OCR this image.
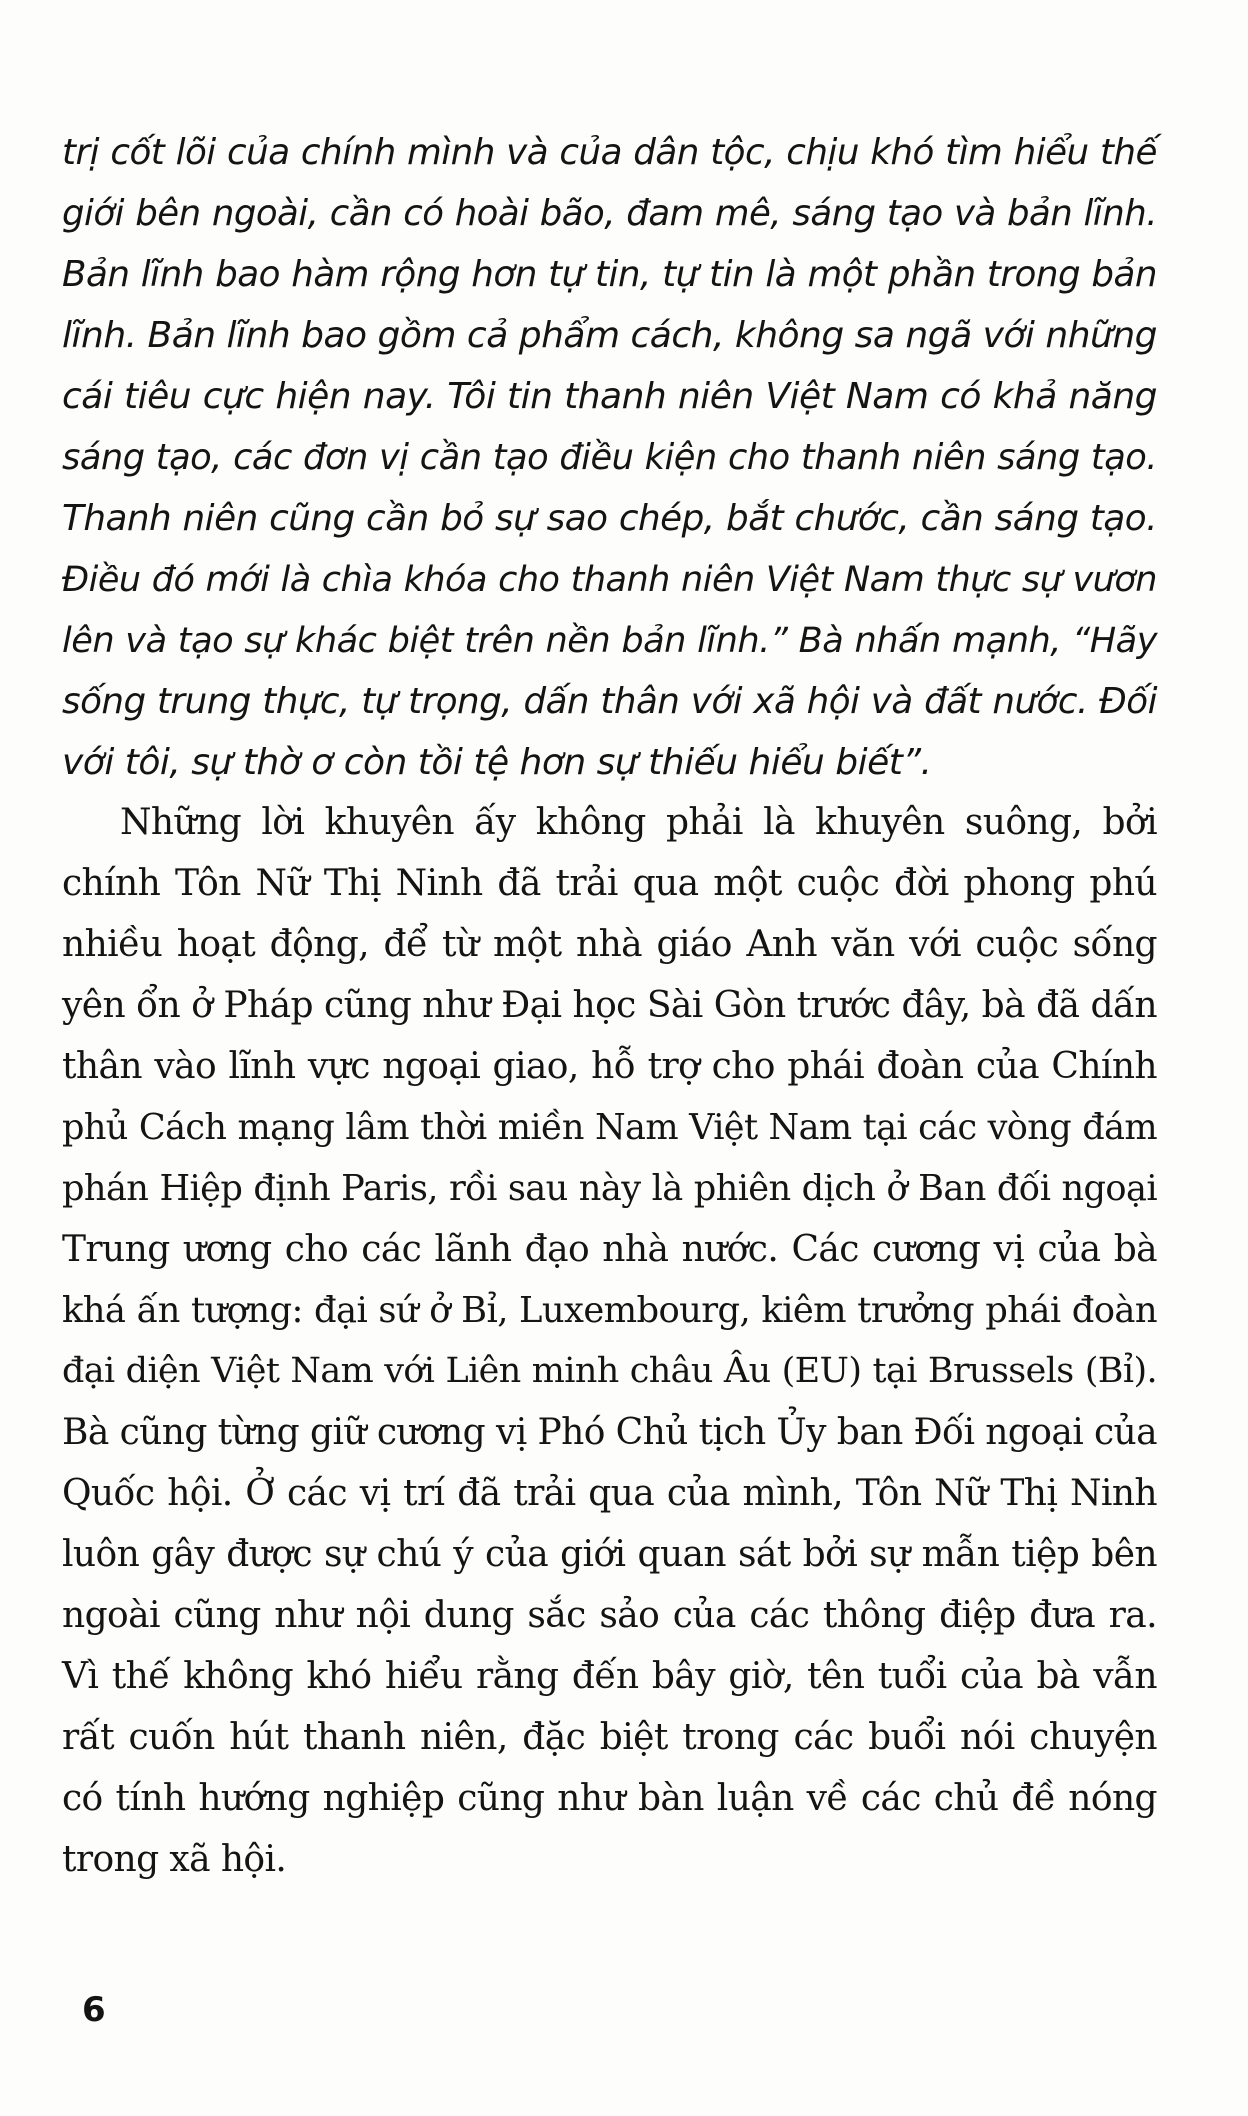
trị cốt lõi của chính mình và của dân tộc, chịu khó tìm hiểu thế
giới bên ngoài, cần có hoài bão, đam mê, sáng tạo và bản lĩnh.
Bản lĩnh bao hàm rộng hơn tự tin, tự tin là một phần trong bản
lĩnh. Bản lĩnh bao gồm cả phẩm cách, không sa ngã với những
cái tiêu cực hiện nay. Tôi tin thanh niên Việt Nam có khả năng
sáng tạo, các đơn vị cần tạo điều kiện cho thanh niên sáng tạo.
Thanh niên cũng cần bỏ sự sao chép, bắt chước, cần sáng tạo.
Điều đó mới là chìa khóa cho thanh niên Việt Nam thực sự vươn
lên và tạo sự khác biệt trên nền bản lĩnh.” Bà nhấn mạnh, “Hãy
sống trung thực, tự trọng, dấn thân với xã hội và đất nước. Đối
với tôi, sự thờ ơ còn tồi tệ hơn sự thiếu hiểu biết”.
Những lời khuyên ấy không phải là khuyên suông, bởi
chính Tôn Nữ Thị Ninh đã trải qua một cuộc đời phong phú
nhiều hoạt động, để từ một nhà giáo Anh văn với cuộc sống
yên ổn ở Pháp cũng như Đại học Sài Gòn trước đây, bà đã dấn
thân vào lĩnh vực ngoại giao, hỗ trợ cho phái đoàn của Chính
phủ Cách mạng lâm thời miền Nam Việt Nam tại các vòng đám
phán Hiệp định Paris, rồi sau này là phiên dịch ở Ban đối ngoại
Trung ương cho các lãnh đạo nhà nước. Các cương vị của bà
khá ấn tượng: đại sứ ở Bỉ, Luxembourg, kiêm trưởng phái đoàn
đại diện Việt Nam với Liên minh châu Âu (EU) tại Brussels (Bỉ).
Bà cũng từng giữ cương vị Phó Chủ tịch Ủy ban Đối ngoại của
Quốc hội. Ở các vị trí đã trải qua của mình, Tôn Nữ Thị Ninh
luôn gây được sự chú ý của giới quan sát bởi sự mẫn tiệp bên
ngoài cũng như nội dung sắc sảo của các thông điệp đưa ra.
Vì thế không khó hiểu rằng đến bây giờ, tên tuổi của bà vẫn
rất cuốn hút thanh niên, đặc biệt trong các buổi nói chuyện
có tính hướng nghiệp cũng như bàn luận về các chủ đề nóng
trong xã hội.
6
